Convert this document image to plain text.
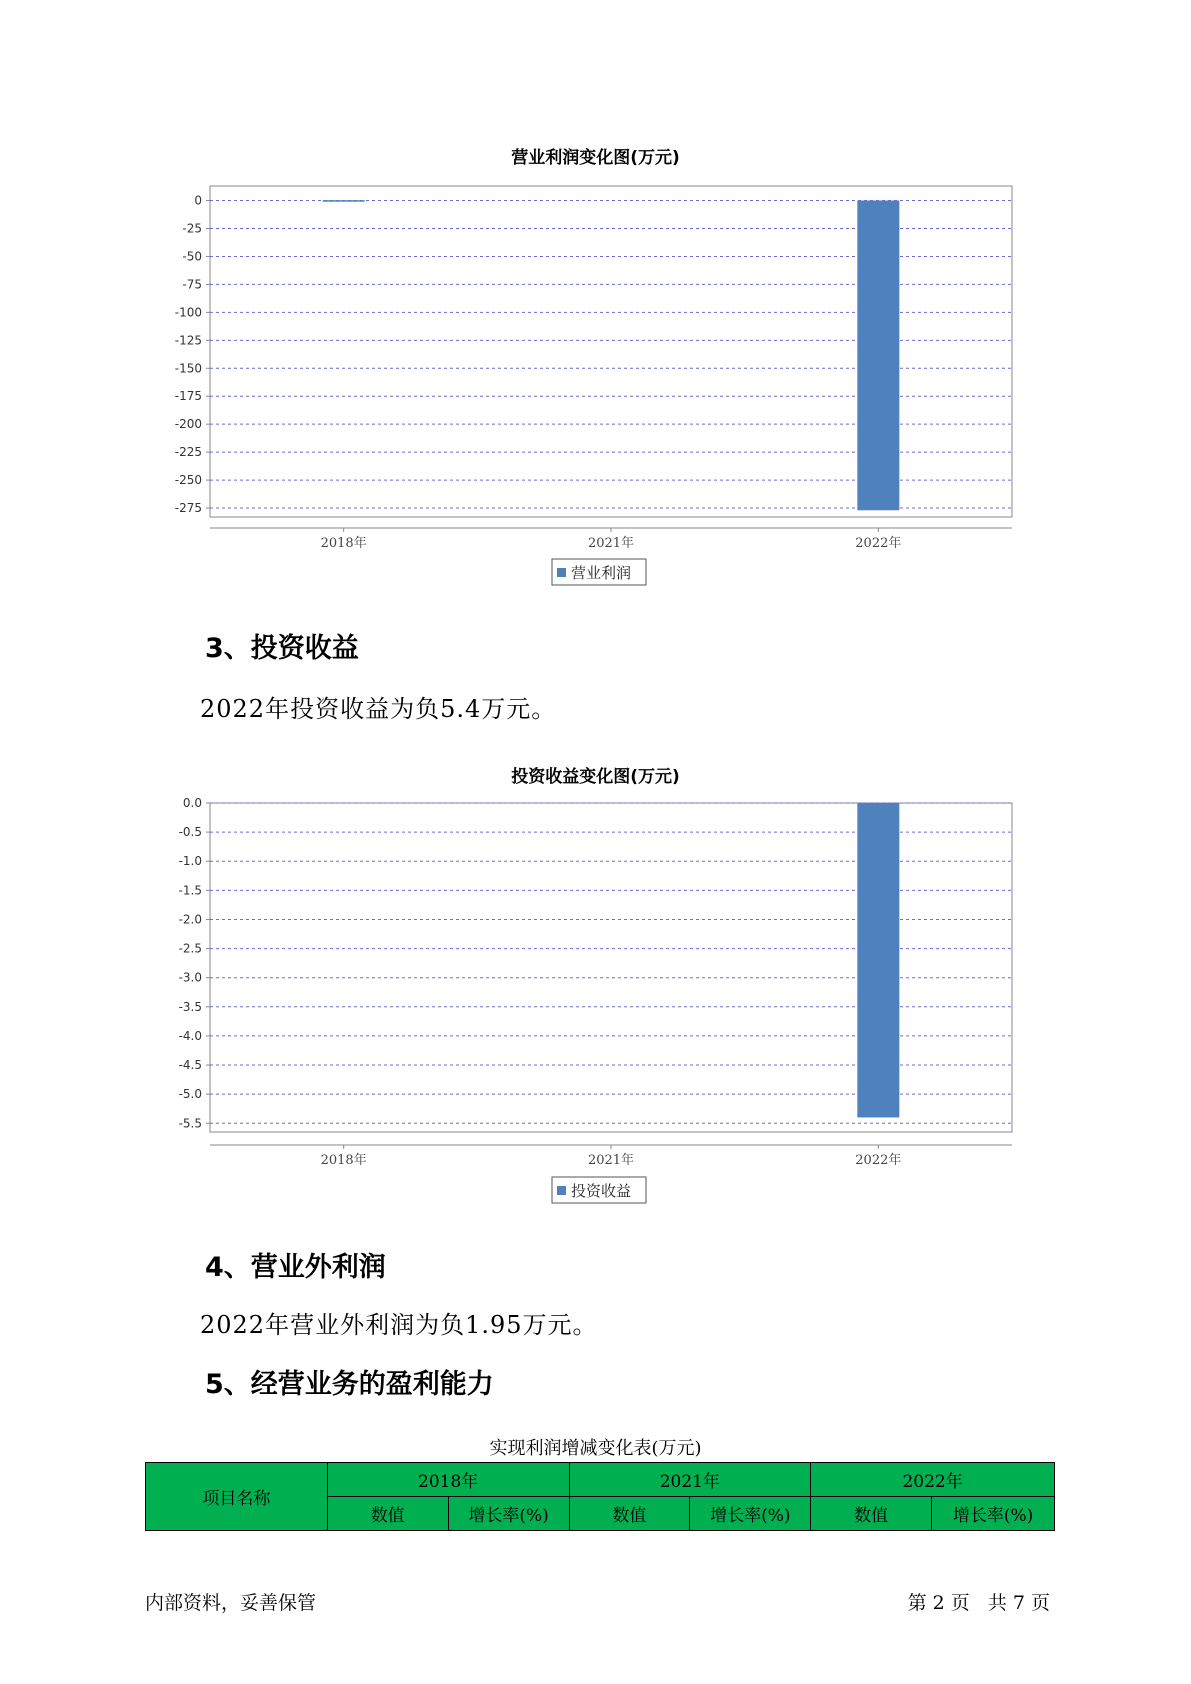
营业利润变化图(万元)
0
-25
-50
-75
-100
-125
-150
-175
-200
-225
-250
-275
2018年	2021年	2022年
营业利润
3、投资收益
2022年投资收益为负5.4万元。
投资收益变化图(万元)
0.0
-0.5
-1.0
-1.5
-2.0
-2.5
-3.0
-3.5
-4.0
-4.5
-5.0
-5.5
2018年	2021年	2022年
投资收益
4、营业外利润
2022年营业外利润为负1.95万元。
5、经营业务的盈利能力
实现利润增减变化表(万元)
项目名称	2018年		2021年		2022年	
	数值	增长率(%)	数值	增长率(%)	数值	增长率(%)
内部资料，妥善保管	第 2 页 共 7 页
